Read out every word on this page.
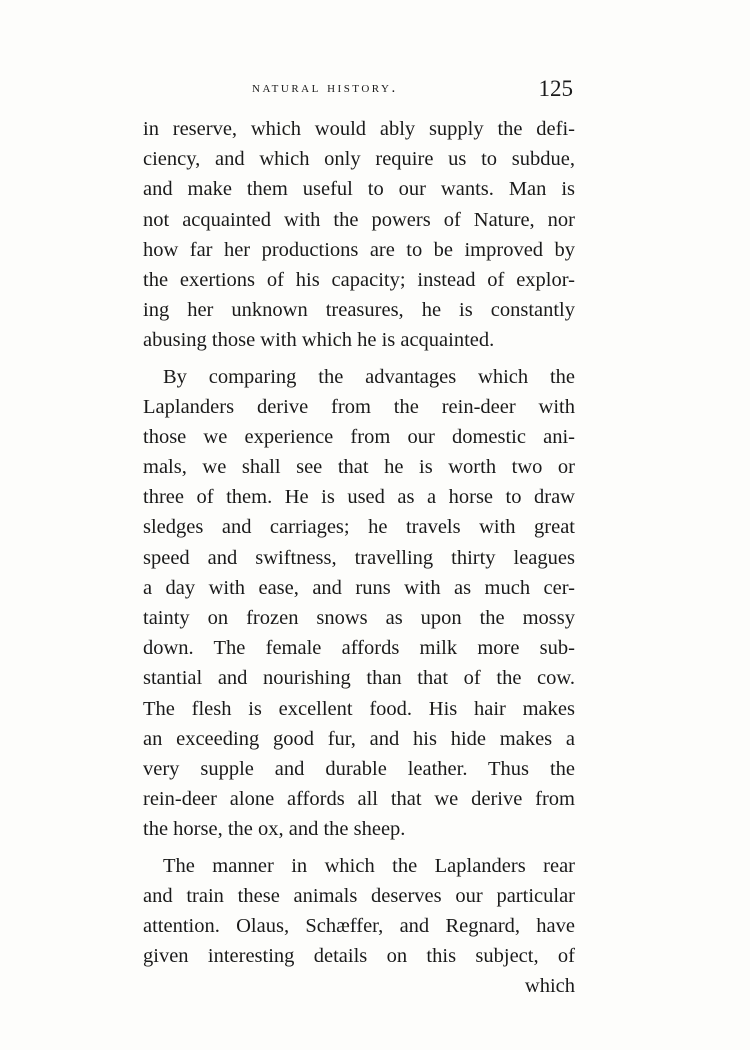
natural history.	125
in reserve, which would ably supply the defi-
ciency, and which only require us to subdue,
and make them useful to our wants. Man is
not acquainted with the powers of Nature, nor
how far her productions are to be improved by
the exertions of his capacity; instead of explor-
ing her unknown treasures, he is constantly
abusing those with which he is acquainted.
By comparing the advantages which the
Laplanders derive from the rein-deer with
those we experience from our domestic ani-
mals, we shall see that he is worth two or
three of them. He is used as a horse to draw
sledges and carriages; he travels with great
speed and swiftness, travelling thirty leagues
a day with ease, and runs with as much cer-
tainty on frozen snows as upon the mossy
down. The female affords milk more sub-
stantial and nourishing than that of the cow.
The flesh is excellent food. His hair makes
an exceeding good fur, and his hide makes a
very supple and durable leather. Thus the
rein-deer alone affords all that we derive from
the horse, the ox, and the sheep.
The manner in which the Laplanders rear
and train these animals deserves our particular
attention. Olaus, Schæffer, and Regnard, have
given interesting details on this subject, of
which
